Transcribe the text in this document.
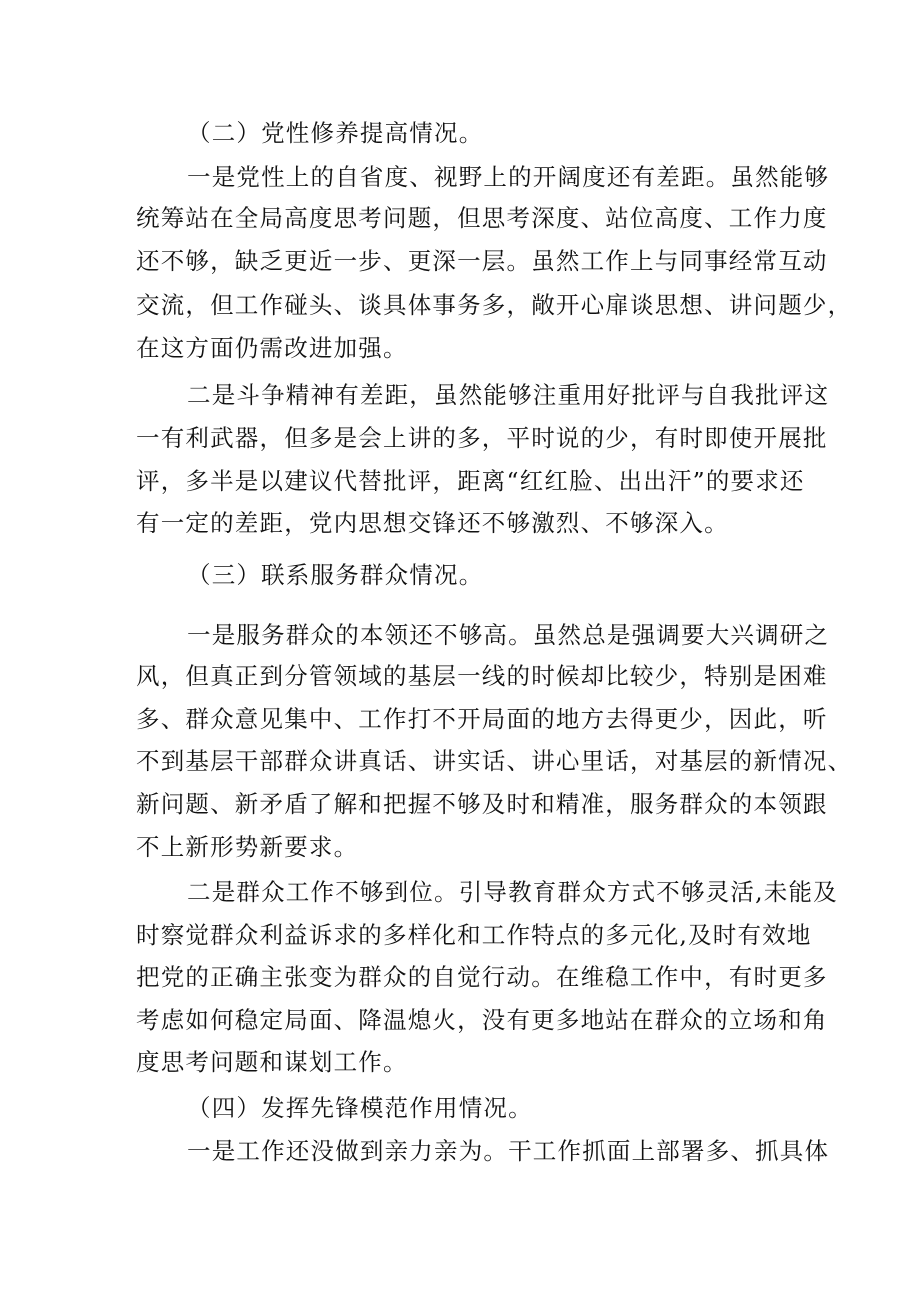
（二）党性修养提高情况。
一是党性上的自省度、视野上的开阔度还有差距。虽然能够
统筹站在全局高度思考问题，但思考深度、站位高度、工作力度
还不够，缺乏更近一步、更深一层。虽然工作上与同事经常互动
交流，但工作碰头、谈具体事务多，敞开心扉谈思想、讲问题少，
在这方面仍需改进加强。
二是斗争精神有差距，虽然能够注重用好批评与自我批评这
一有利武器，但多是会上讲的多，平时说的少，有时即使开展批
评，多半是以建议代替批评，距离“红红脸、出出汗”的要求还
有一定的差距，党内思想交锋还不够激烈、不够深入。
（三）联系服务群众情况。
一是服务群众的本领还不够高。虽然总是强调要大兴调研之
风，但真正到分管领域的基层一线的时候却比较少，特别是困难
多、群众意见集中、工作打不开局面的地方去得更少，因此，听
不到基层干部群众讲真话、讲实话、讲心里话，对基层的新情况、
新问题、新矛盾了解和把握不够及时和精准，服务群众的本领跟
不上新形势新要求。
二是群众工作不够到位。引导教育群众方式不够灵活,未能及
时察觉群众利益诉求的多样化和工作特点的多元化,及时有效地
把党的正确主张变为群众的自觉行动。在维稳工作中，有时更多
考虑如何稳定局面、降温熄火，没有更多地站在群众的立场和角
度思考问题和谋划工作。
（四）发挥先锋模范作用情况。
一是工作还没做到亲力亲为。干工作抓面上部署多、抓具体
